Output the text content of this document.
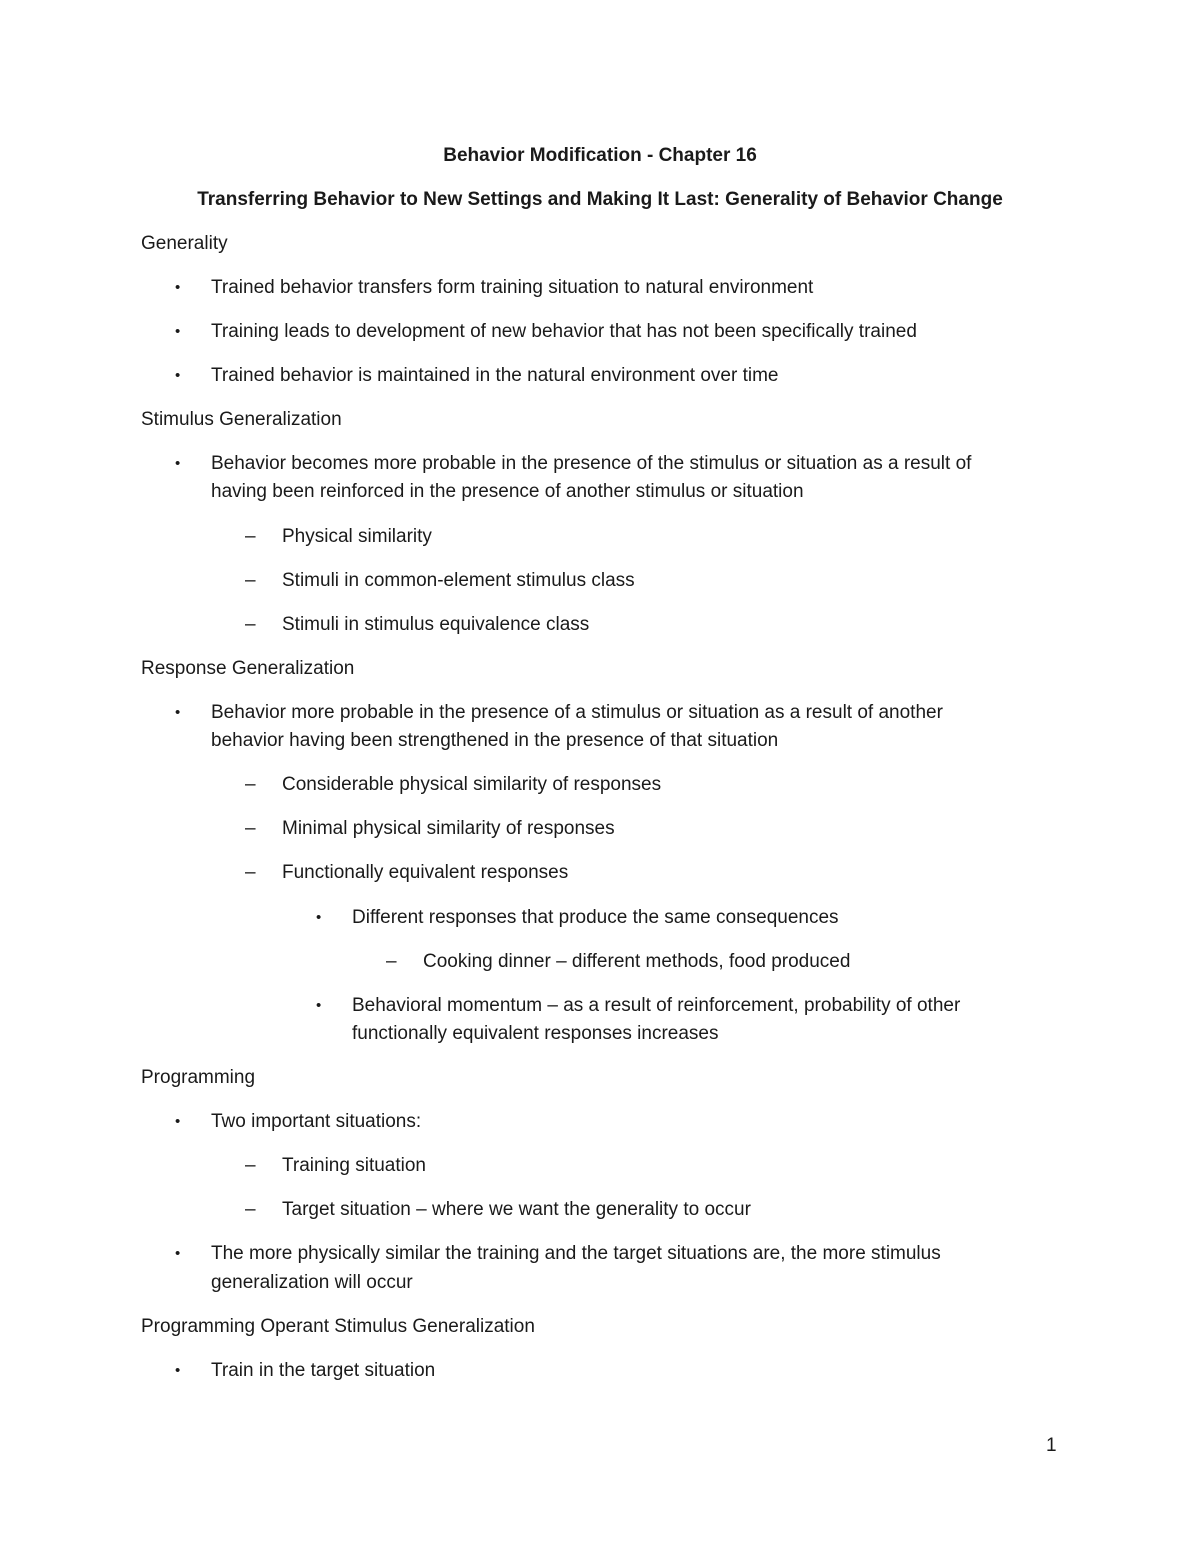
Behavior Modification - Chapter 16
Transferring Behavior to New Settings and Making It Last: Generality of Behavior Change
Generality
• Trained behavior transfers form training situation to natural environment
• Training leads to development of new behavior that has not been specifically trained
• Trained behavior is maintained in the natural environment over time
Stimulus Generalization
• Behavior becomes more probable in the presence of the stimulus or situation as a result of
having been reinforced in the presence of another stimulus or situation
– Physical similarity
– Stimuli in common-element stimulus class
– Stimuli in stimulus equivalence class
Response Generalization
• Behavior more probable in the presence of a stimulus or situation as a result of another
behavior having been strengthened in the presence of that situation
– Considerable physical similarity of responses
– Minimal physical similarity of responses
– Functionally equivalent responses
• Different responses that produce the same consequences
– Cooking dinner – different methods, food produced
• Behavioral momentum – as a result of reinforcement, probability of other
functionally equivalent responses increases
Programming
• Two important situations:
– Training situation
– Target situation – where we want the generality to occur
• The more physically similar the training and the target situations are, the more stimulus
generalization will occur
Programming Operant Stimulus Generalization
• Train in the target situation
1
